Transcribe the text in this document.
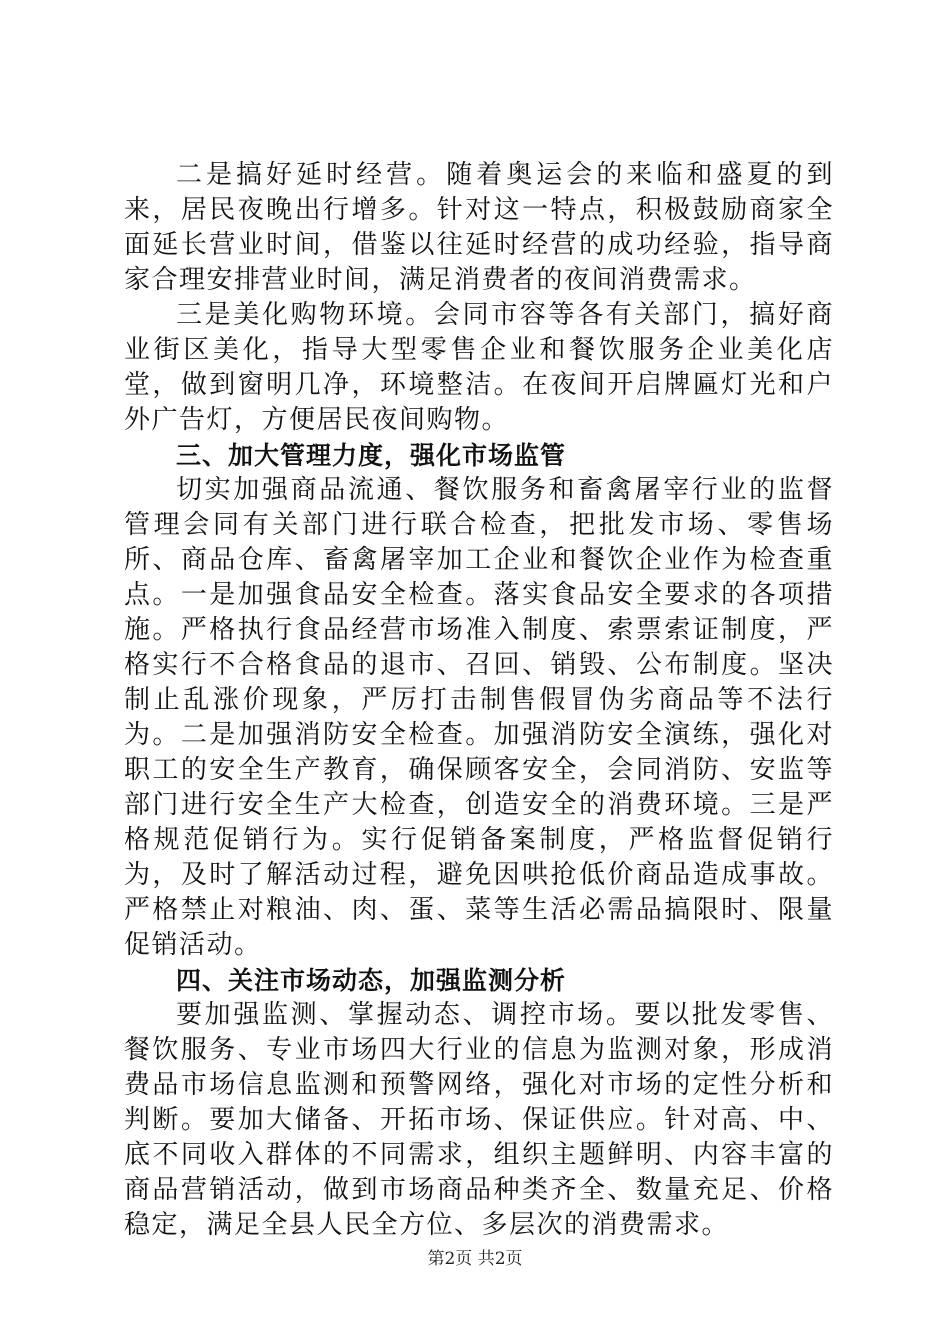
二是搞好延时经营。随着奥运会的来临和盛夏的到来，居民夜晚出行增多。针对这一特点，积极鼓励商家全面延长营业时间，借鉴以往延时经营的成功经验，指导商家合理安排营业时间，满足消费者的夜间消费需求。

三是美化购物环境。会同市容等各有关部门，搞好商业街区美化，指导大型零售企业和餐饮服务企业美化店堂，做到窗明几净，环境整洁。在夜间开启牌匾灯光和户外广告灯，方便居民夜间购物。

三、加大管理力度，强化市场监管

切实加强商品流通、餐饮服务和畜禽屠宰行业的监督管理会同有关部门进行联合检查，把批发市场、零售场所、商品仓库、畜禽屠宰加工企业和餐饮企业作为检查重点。一是加强食品安全检查。落实食品安全要求的各项措施。严格执行食品经营市场准入制度、索票索证制度，严格实行不合格食品的退市、召回、销毁、公布制度。坚决制止乱涨价现象，严厉打击制售假冒伪劣商品等不法行为。二是加强消防安全检查。加强消防安全演练，强化对职工的安全生产教育，确保顾客安全，会同消防、安监等部门进行安全生产大检查，创造安全的消费环境。三是严格规范促销行为。实行促销备案制度，严格监督促销行为，及时了解活动过程，避免因哄抢低价商品造成事故。严格禁止对粮油、肉、蛋、菜等生活必需品搞限时、限量促销活动。

四、关注市场动态，加强监测分析

要加强监测、掌握动态、调控市场。要以批发零售、餐饮服务、专业市场四大行业的信息为监测对象，形成消费品市场信息监测和预警网络，强化对市场的定性分析和判断。要加大储备、开拓市场、保证供应。针对高、中、底不同收入群体的不同需求，组织主题鲜明、内容丰富的商品营销活动，做到市场商品种类齐全、数量充足、价格稳定，满足全县人民全方位、多层次的消费需求。

第2页 共2页
